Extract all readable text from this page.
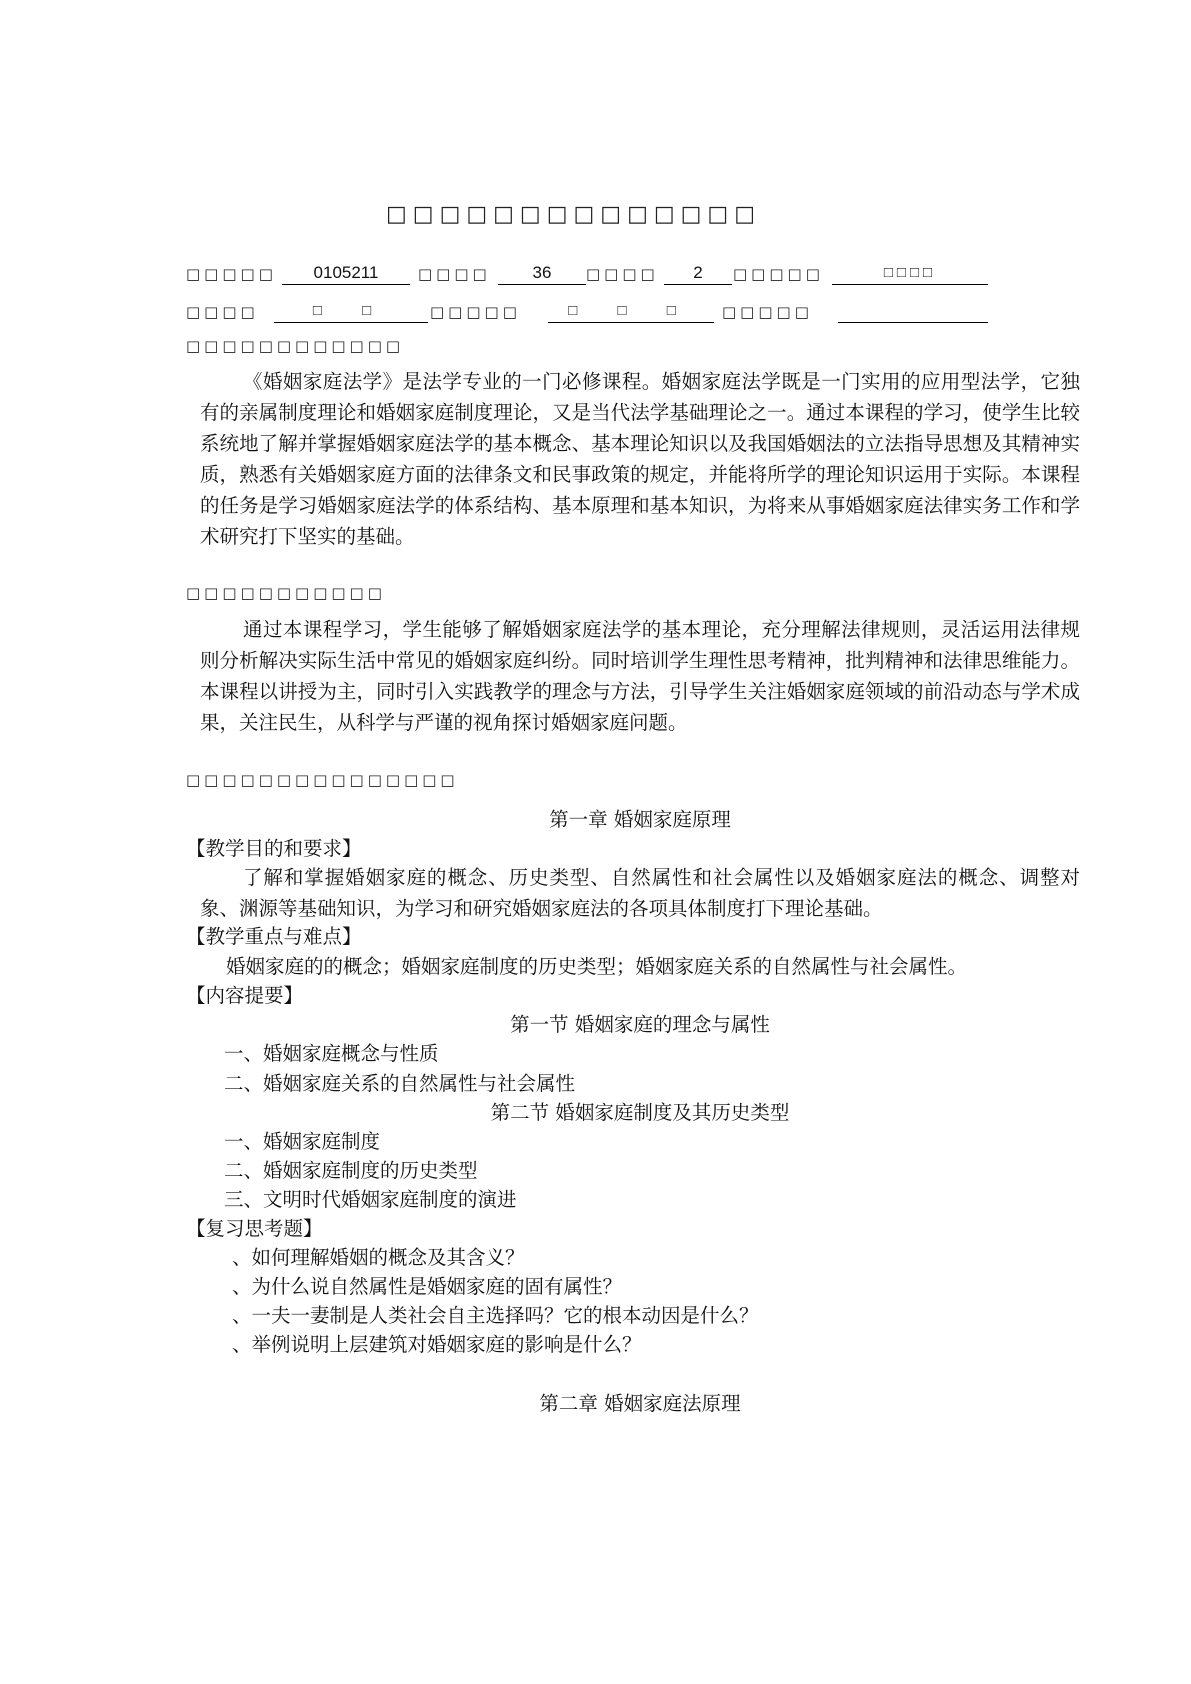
□□□□□□□□□□□□□□
□□□□□	0105211	□□□□	36	□□□□	2	□□□□□	□□□□
□□□□	□ □	□□□□□	□ □ □	□□□□□
□□□□□□□□□□□□
《婚姻家庭法学》是法学专业的一门必修课程。婚姻家庭法学既是一门实用的应用型法学，它独有的亲属制度理论和婚姻家庭制度理论，又是当代法学基础理论之一。通过本课程的学习，使学生比较系统地了解并掌握婚姻家庭法学的基本概念、基本理论知识以及我国婚姻法的立法指导思想及其精神实质，熟悉有关婚姻家庭方面的法律条文和民事政策的规定，并能将所学的理论知识运用于实际。本课程的任务是学习婚姻家庭法学的体系结构、基本原理和基本知识，为将来从事婚姻家庭法律实务工作和学术研究打下坚实的基础。
□□□□□□□□□□□
通过本课程学习，学生能够了解婚姻家庭法学的基本理论，充分理解法律规则，灵活运用法律规则分析解决实际生活中常见的婚姻家庭纠纷。同时培训学生理性思考精神，批判精神和法律思维能力。本课程以讲授为主，同时引入实践教学的理念与方法，引导学生关注婚姻家庭领域的前沿动态与学术成果，关注民生，从科学与严谨的视角探讨婚姻家庭问题。
□□□□□□□□□□□□□□□
第一章 婚姻家庭原理
【教学目的和要求】
了解和掌握婚姻家庭的概念、历史类型、自然属性和社会属性以及婚姻家庭法的概念、调整对象、渊源等基础知识，为学习和研究婚姻家庭法的各项具体制度打下理论基础。
【教学重点与难点】
婚姻家庭的的概念；婚姻家庭制度的历史类型；婚姻家庭关系的自然属性与社会属性。
【内容提要】
第一节 婚姻家庭的理念与属性
一、婚姻家庭概念与性质
二、婚姻家庭关系的自然属性与社会属性
第二节 婚姻家庭制度及其历史类型
一、婚姻家庭制度
二、婚姻家庭制度的历史类型
三、文明时代婚姻家庭制度的演进
【复习思考题】
、如何理解婚姻的概念及其含义？
、为什么说自然属性是婚姻家庭的固有属性？
、一夫一妻制是人类社会自主选择吗？它的根本动因是什么？
、举例说明上层建筑对婚姻家庭的影响是什么？
第二章 婚姻家庭法原理
